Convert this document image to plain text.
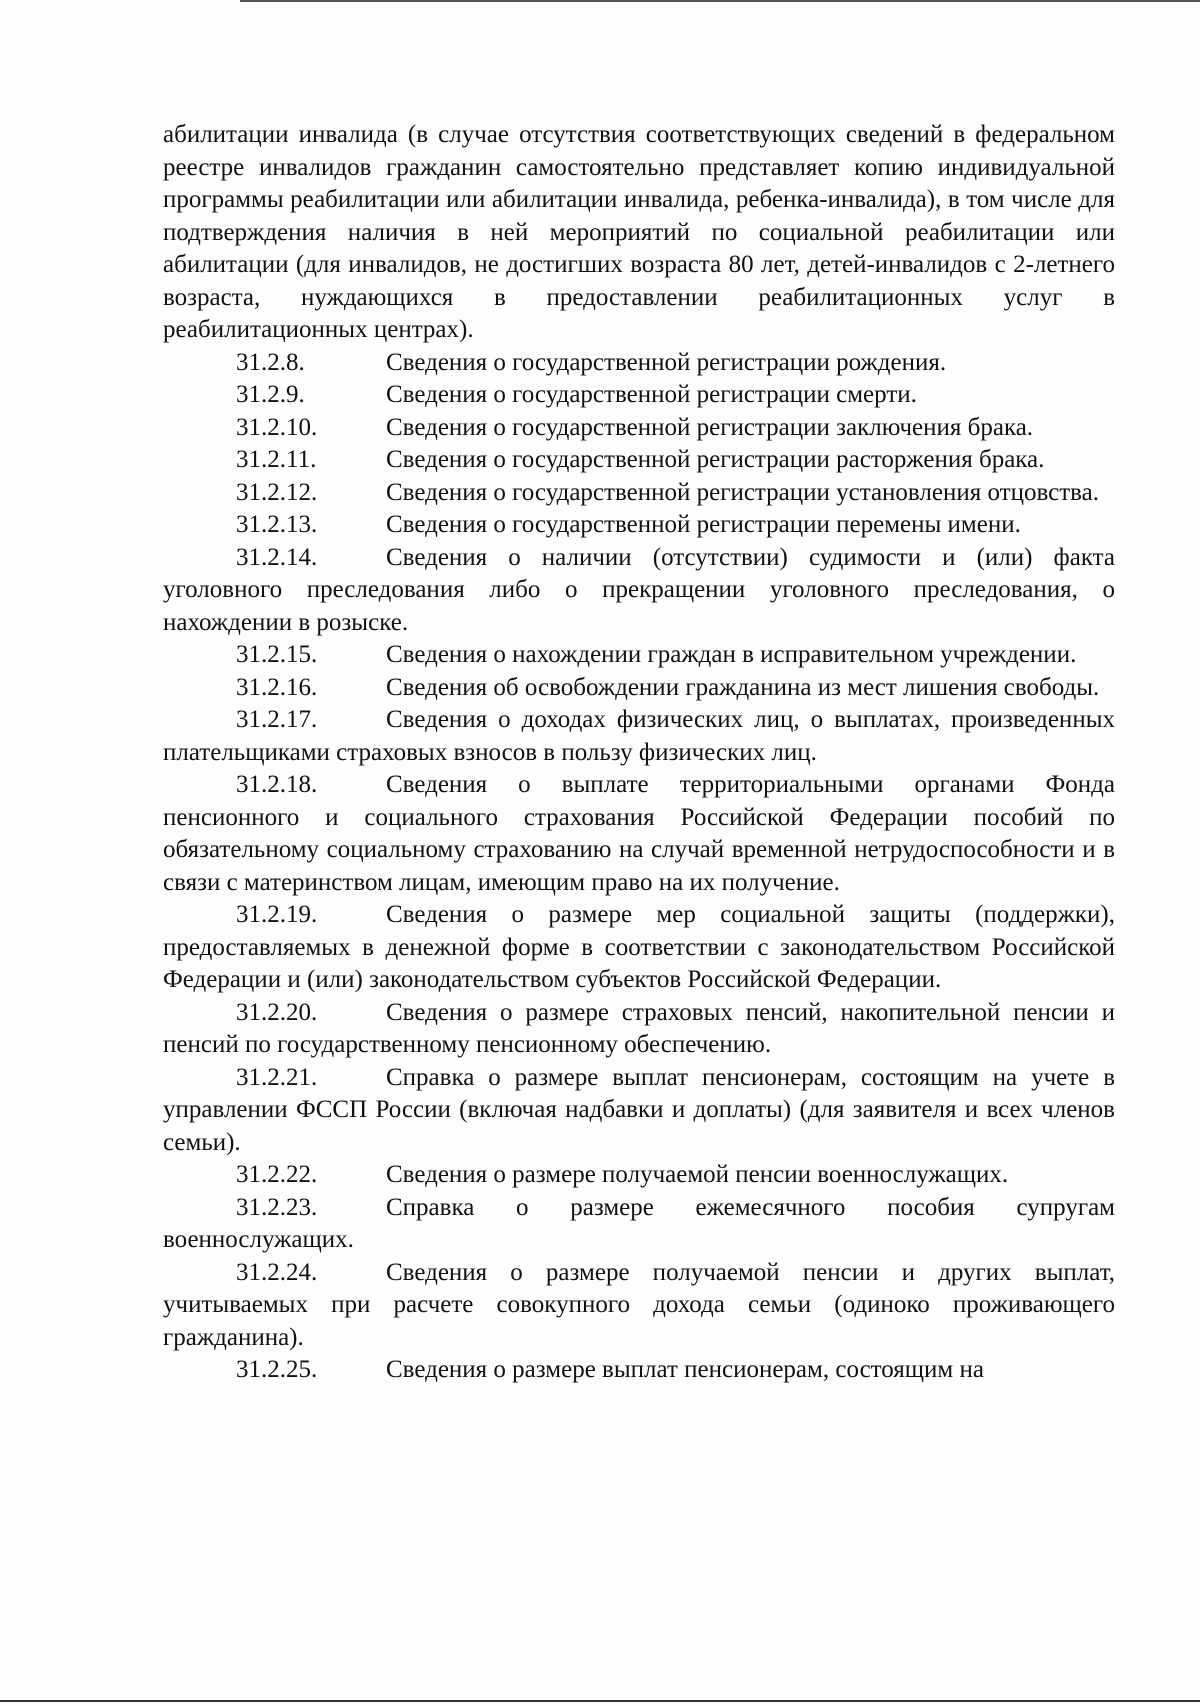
абилитации инвалида (в случае отсутствия соответствующих сведений в федеральном реестре инвалидов гражданин самостоятельно представляет копию индивидуальной программы реабилитации или абилитации инвалида, ребенка-инвалида), в том числе для подтверждения наличия в ней мероприятий по социальной реабилитации или абилитации (для инвалидов, не достигших возраста 80 лет, детей-инвалидов с 2-летнего возраста, нуждающихся в предоставлении реабилитационных услуг в реабилитационных центрах).

31.2.8.	Сведения о государственной регистрации рождения.

31.2.9.	Сведения о государственной регистрации смерти.

31.2.10.	Сведения о государственной регистрации заключения брака.

31.2.11.	Сведения о государственной регистрации расторжения брака.

31.2.12.	Сведения о государственной регистрации установления отцовства.

31.2.13.	Сведения о государственной регистрации перемены имени.

31.2.14.	Сведения о наличии (отсутствии) судимости и (или) факта уголовного преследования либо о прекращении уголовного преследования, о нахождении в розыске.

31.2.15.	Сведения о нахождении граждан в исправительном учреждении.

31.2.16.	Сведения об освобождении гражданина из мест лишения свободы.

31.2.17.	Сведения о доходах физических лиц, о выплатах, произведенных плательщиками страховых взносов в пользу физических лиц.

31.2.18.	Сведения о выплате территориальными органами Фонда пенсионного и социального страхования Российской Федерации пособий по обязательному социальному страхованию на случай временной нетрудоспособности и в связи с материнством лицам, имеющим право на их получение.

31.2.19.	Сведения о размере мер социальной защиты (поддержки), предоставляемых в денежной форме в соответствии с законодательством Российской Федерации и (или) законодательством субъектов Российской Федерации.

31.2.20.	Сведения о размере страховых пенсий, накопительной пенсии и пенсий по государственному пенсионному обеспечению.

31.2.21.	Справка о размере выплат пенсионерам, состоящим на учете в управлении ФССП России (включая надбавки и доплаты) (для заявителя и всех членов семьи).

31.2.22.	Сведения о размере получаемой пенсии военнослужащих.

31.2.23.	Справка о размере ежемесячного пособия супругам военнослужащих.

31.2.24.	Сведения о размере получаемой пенсии и других выплат, учитываемых при расчете совокупного дохода семьи (одиноко проживающего гражданина).

31.2.25.	Сведения о размере выплат пенсионерам, состоящим на
